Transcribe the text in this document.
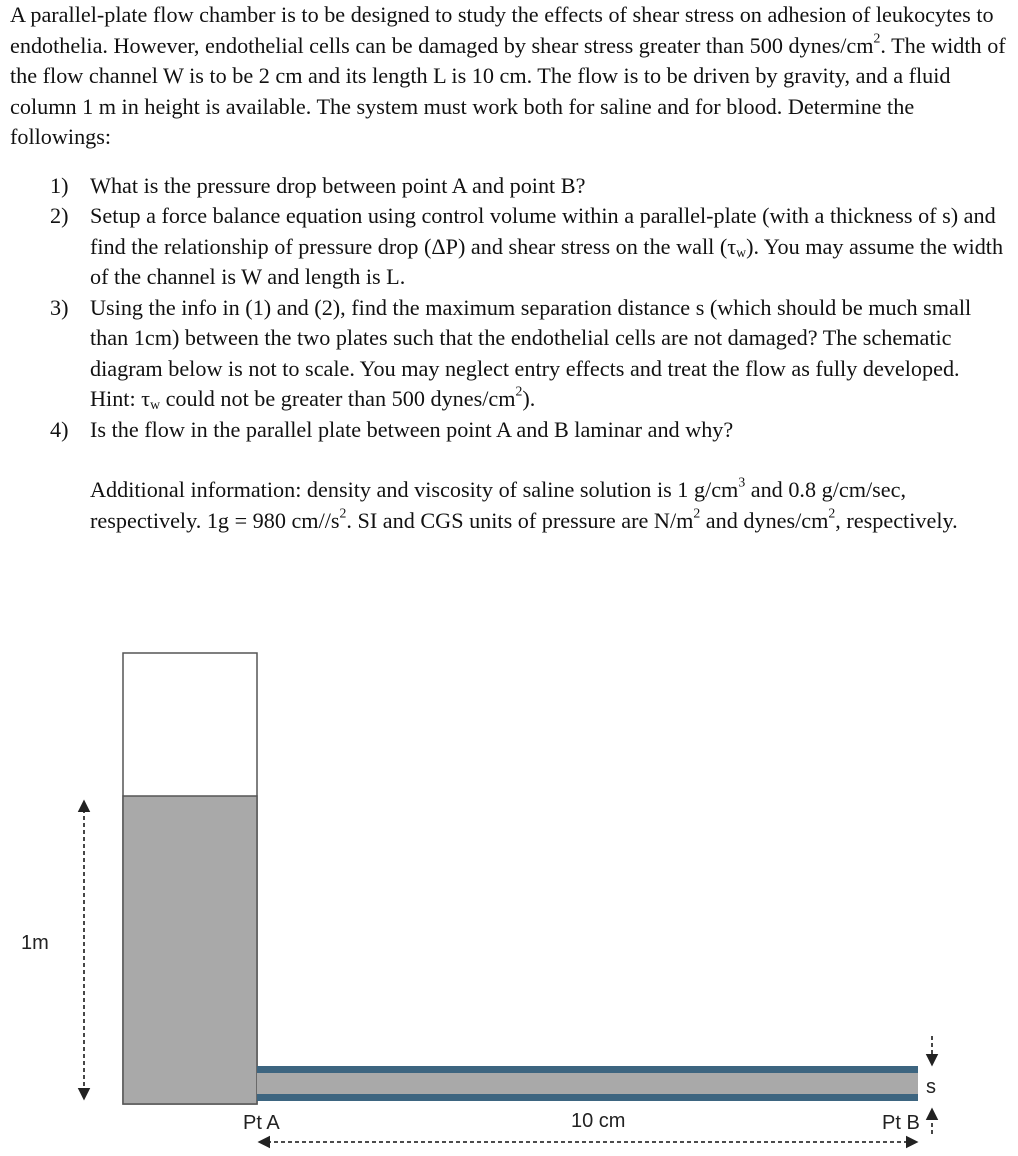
A parallel-plate flow chamber is to be designed to study the effects of shear stress on adhesion of leukocytes to endothelia. However, endothelial cells can be damaged by shear stress greater than 500 dynes/$cm^2$. The width of the flow channel W is to be 2 cm and its length L is 10 cm. The flow is to be driven by gravity, and a fluid column 1 m in height is available. The system must work both for saline and for blood. Determine the followings:

1) What is the pressure drop between point A and point B?
2) Setup a force balance equation using control volume within a parallel-plate (with a thickness of s) and find the relationship of pressure drop (ΔP) and shear stress on the wall $(\tau_w)$. You may assume the width of the channel is W and length is L.
3) Using the info in (1) and (2), find the maximum separation distance s (which should be much small than 1cm) between the two plates such that the endothelial cells are not damaged? The schematic diagram below is not to scale. You may neglect entry effects and treat the flow as fully developed. Hint: $\tau_w$ could not be greater than 500 dynes/$cm^2$).
4) Is the flow in the parallel plate between point A and B laminar and why?

Additional information: density and viscosity of saline solution is 1 $g/cm^3$ and 0.8 g/cm/sec, respectively. 1g = 980 $cm//s^2$. SI and CGS units of pressure are $N/m^2$ and dynes/$cm^2$, respectively.

1m
Pt A	10 cm	Pt B
s
